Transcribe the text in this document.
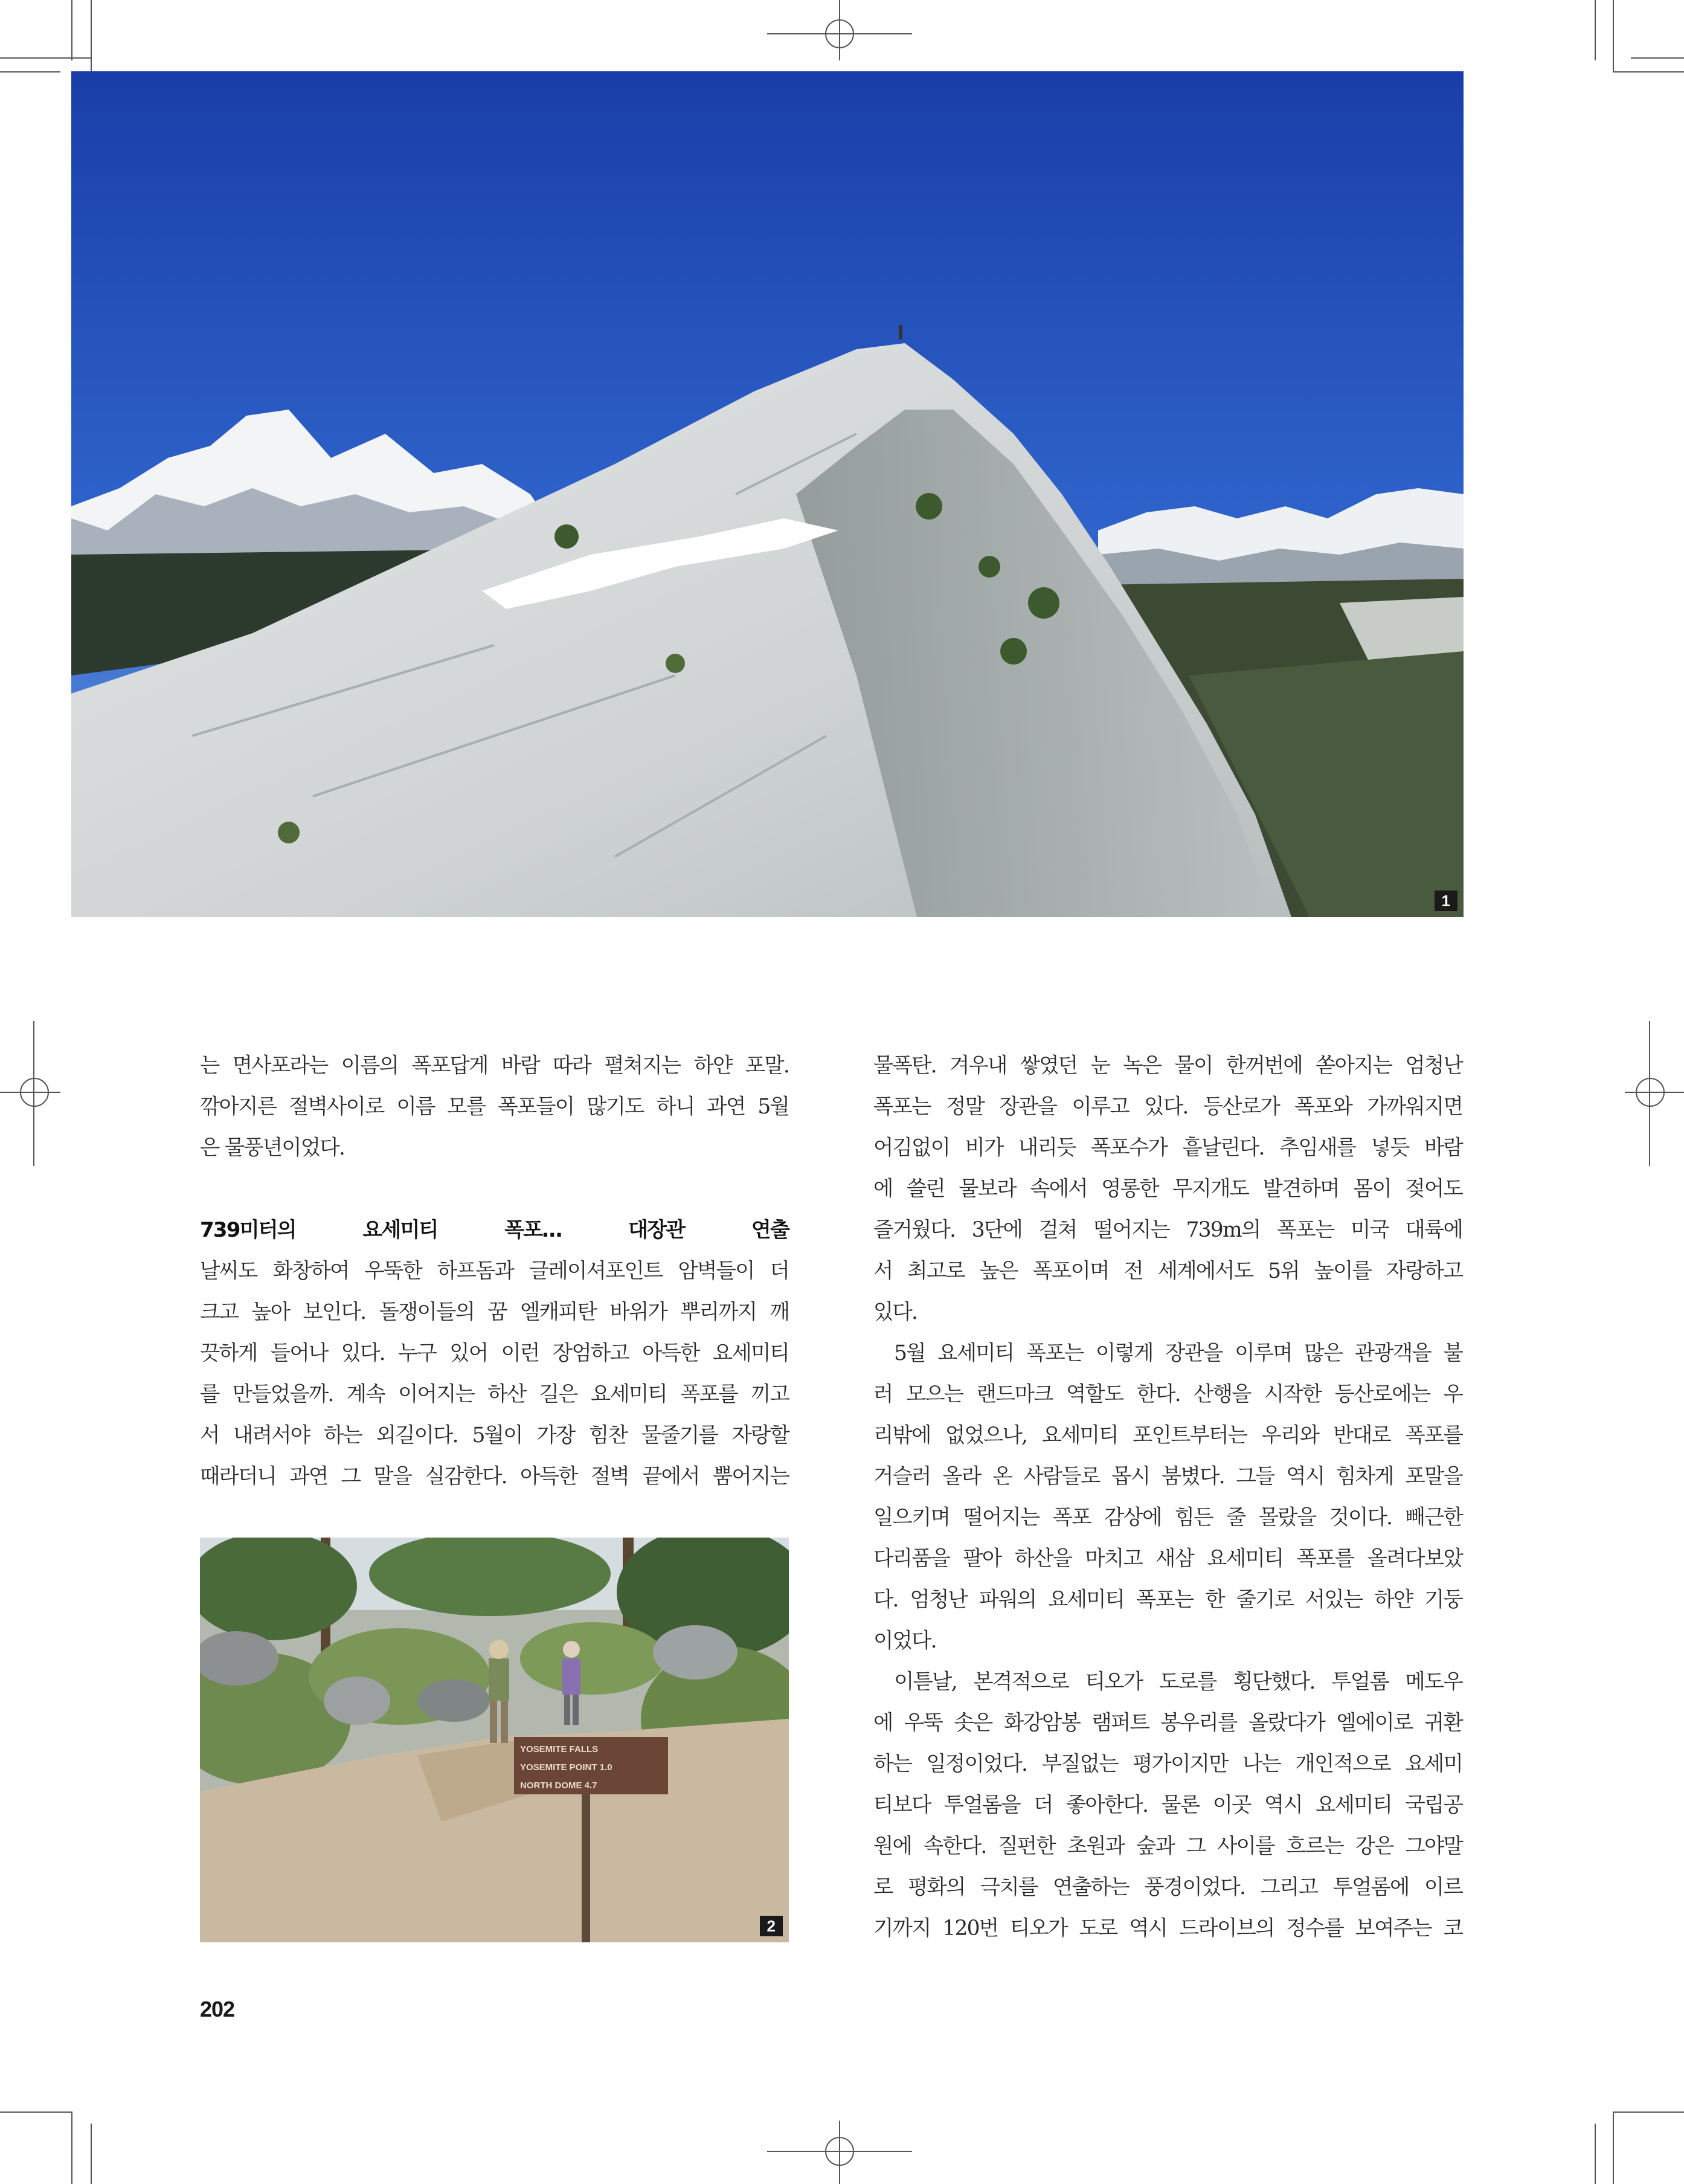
1

는 면사포라는 이름의 폭포답게 바람 따라 펼쳐지는 하얀 포말.

깎아지른 절벽사이로 이름 모를 폭포들이 많기도 하니 과연 5월

은 물풍년이었다.

739미터의 요세미티 폭포… 대장관 연출

날씨도 화창하여 우뚝한 하프돔과 글레이셔포인트 암벽들이 더

크고 높아 보인다. 돌쟁이들의 꿈 엘캐피탄 바위가 뿌리까지 깨

끗하게 들어나 있다. 누구 있어 이런 장엄하고 아득한 요세미티

를 만들었을까. 계속 이어지는 하산 길은 요세미티 폭포를 끼고

서 내려서야 하는 외길이다. 5월이 가장 힘찬 물줄기를 자랑할

때라더니 과연 그 말을 실감한다. 아득한 절벽 끝에서 뿜어지는

YOSEMITE FALLS
YOSEMITE POINT 1.0
NORTH DOME 4.7
2

물폭탄. 겨우내 쌓였던 눈 녹은 물이 한꺼번에 쏟아지는 엄청난

폭포는 정말 장관을 이루고 있다. 등산로가 폭포와 가까워지면

어김없이 비가 내리듯 폭포수가 흩날린다. 추임새를 넣듯 바람

에 쓸린 물보라 속에서 영롱한 무지개도 발견하며 몸이 젖어도

즐거웠다. 3단에 걸쳐 떨어지는 739m의 폭포는 미국 대륙에

서 최고로 높은 폭포이며 전 세계에서도 5위 높이를 자랑하고

있다.

5월 요세미티 폭포는 이렇게 장관을 이루며 많은 관광객을 불

러 모으는 랜드마크 역할도 한다. 산행을 시작한 등산로에는 우

리밖에 없었으나, 요세미티 포인트부터는 우리와 반대로 폭포를

거슬러 올라 온 사람들로 몹시 붐볐다. 그들 역시 힘차게 포말을

일으키며 떨어지는 폭포 감상에 힘든 줄 몰랐을 것이다. 빼근한

다리품을 팔아 하산을 마치고 새삼 요세미티 폭포를 올려다보았

다. 엄청난 파워의 요세미티 폭포는 한 줄기로 서있는 하얀 기둥

이었다.

이튿날, 본격적으로 티오가 도로를 횡단했다. 투얼롬 메도우

에 우뚝 솟은 화강암봉 램퍼트 봉우리를 올랐다가 엘에이로 귀환

하는 일정이었다. 부질없는 평가이지만 나는 개인적으로 요세미

티보다 투얼롬을 더 좋아한다. 물론 이곳 역시 요세미티 국립공

원에 속한다. 질펀한 초원과 숲과 그 사이를 흐르는 강은 그야말

로 평화의 극치를 연출하는 풍경이었다. 그리고 투얼롬에 이르

기까지 120번 티오가 도로 역시 드라이브의 정수를 보여주는 코

202
